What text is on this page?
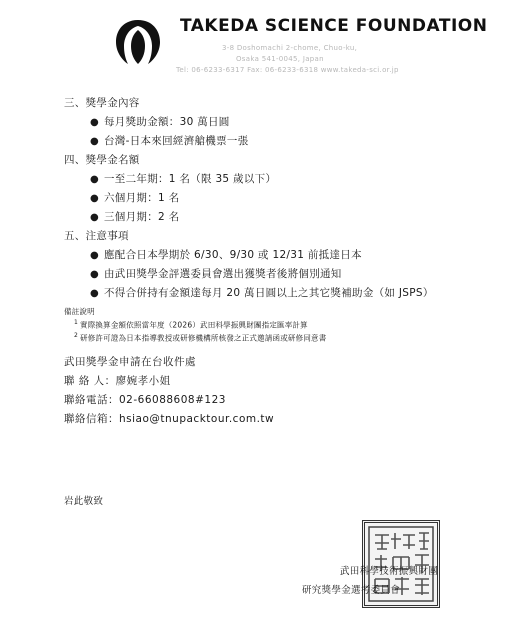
TAKEDA SCIENCE FOUNDATION
3-8 Doshomachi 2-chome, Chuo-ku,
Osaka 541-0045, Japan
Tel: 06-6233-6317 Fax: 06-6233-6318 www.takeda-sci.or.jp
三、獎學金內容
● 每月獎助金額：30 萬日圓
● 台灣-日本來回經濟艙機票一張
四、獎學金名額
● 一至二年期：1 名（限 35 歲以下）
● 六個月期：1 名
● 三個月期：2 名
五、注意事項
● 應配合日本學期於 6/30、9/30 或 12/31 前抵達日本
● 由武田獎學金評選委員會選出獲獎者後將個別通知
● 不得合併持有金額達每月 20 萬日圓以上之其它獎補助金（如 JSPS）
備註說明
$^1$ 實際換算金額依照當年度（2026）武田科學振興財團指定匯率計算
$^2$ 研修許可證為日本指導教授或研修機構所核發之正式邀請函或研修同意書
武田獎學金申請在台收件處
聯 絡 人：廖婉孝小姐
聯絡電話：02-66088608#123
聯絡信箱：hsiao@tnupacktour.com.tw
岩此敬致
武田科學技術振興財團
研究獎學金選考委員會
